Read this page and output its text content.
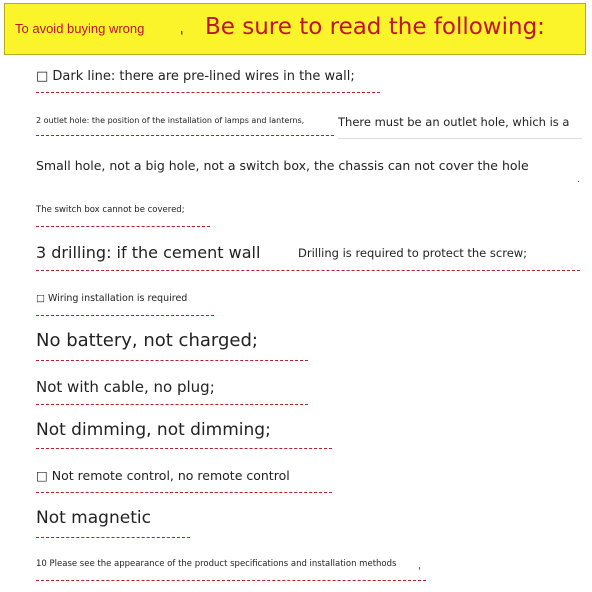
To avoid buying wrong
' Be sure to read the following:
□ Dark line: there are pre-lined wires in the wall;
2 outlet hole: the position of the installation of lamps and lanterns,	There must be an outlet hole, which is a
Small hole, not a big hole, not a switch box, the chassis can not cover the hole
.
The switch box cannot be covered;
3 drilling: if the cement wall	Drilling is required to protect the screw;
□ Wiring installation is required
No battery, not charged;
Not with cable, no plug;
Not dimming, not dimming;
□ Not remote control, no remote control
Not magnetic
10 Please see the appearance of the product specifications and installation methods
'
